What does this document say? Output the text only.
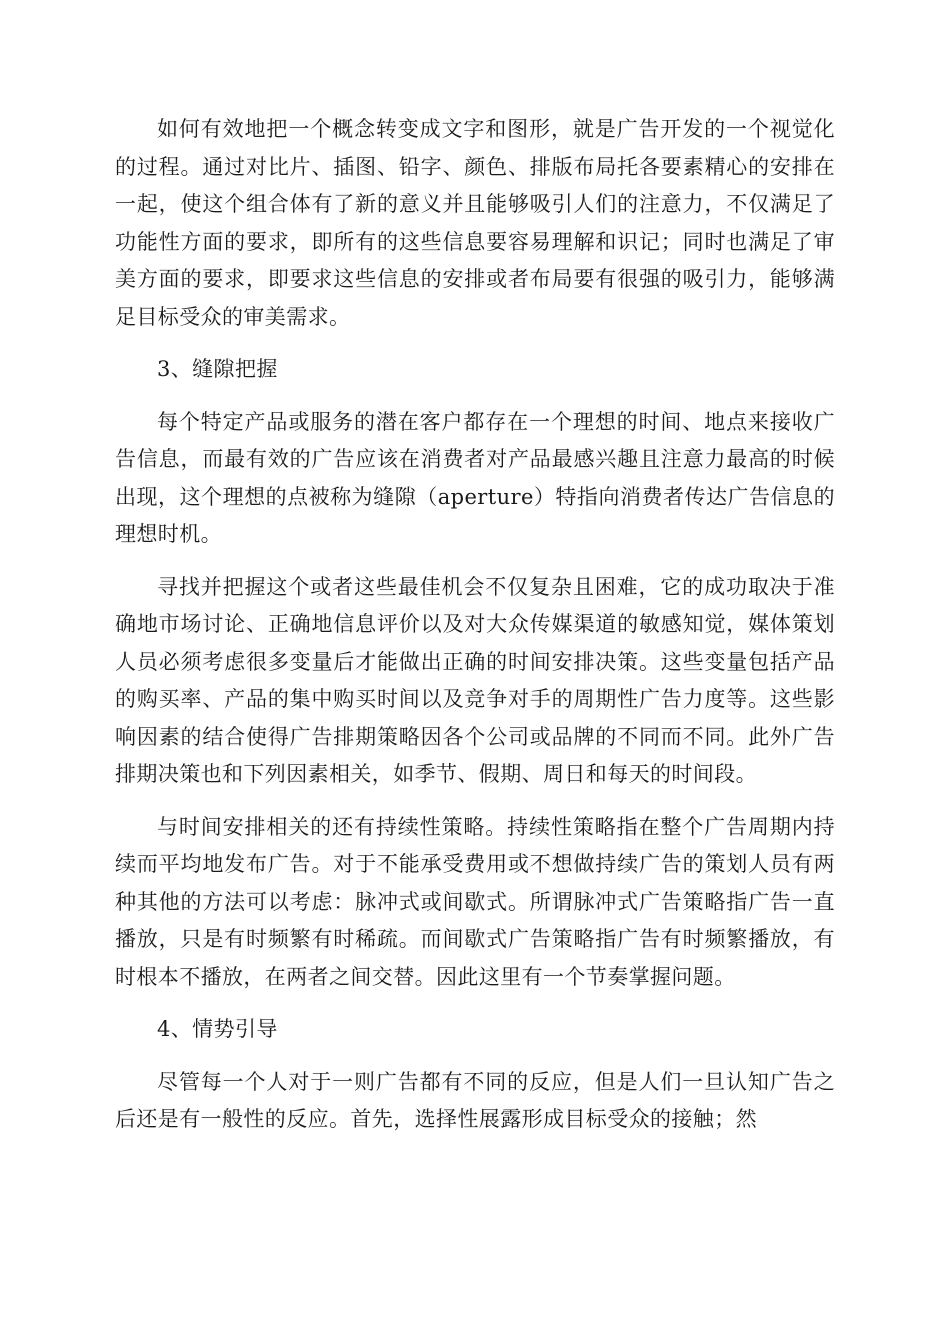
如何有效地把一个概念转变成文字和图形，就是广告开发的一个视觉化的过程。通过对比片、插图、铅字、颜色、排版布局托各要素精心的安排在一起，使这个组合体有了新的意义并且能够吸引人们的注意力，不仅满足了功能性方面的要求，即所有的这些信息要容易理解和识记；同时也满足了审美方面的要求，即要求这些信息的安排或者布局要有很强的吸引力，能够满足目标受众的审美需求。

3、缝隙把握

每个特定产品或服务的潜在客户都存在一个理想的时间、地点来接收广告信息，而最有效的广告应该在消费者对产品最感兴趣且注意力最高的时候出现，这个理想的点被称为缝隙（aperture）特指向消费者传达广告信息的理想时机。

寻找并把握这个或者这些最佳机会不仅复杂且困难，它的成功取决于准确地市场讨论、正确地信息评价以及对大众传媒渠道的敏感知觉，媒体策划人员必须考虑很多变量后才能做出正确的时间安排决策。这些变量包括产品的购买率、产品的集中购买时间以及竞争对手的周期性广告力度等。这些影响因素的结合使得广告排期策略因各个公司或品牌的不同而不同。此外广告排期决策也和下列因素相关，如季节、假期、周日和每天的时间段。

与时间安排相关的还有持续性策略。持续性策略指在整个广告周期内持续而平均地发布广告。对于不能承受费用或不想做持续广告的策划人员有两种其他的方法可以考虑：脉冲式或间歇式。所谓脉冲式广告策略指广告一直播放，只是有时频繁有时稀疏。而间歇式广告策略指广告有时频繁播放，有时根本不播放，在两者之间交替。因此这里有一个节奏掌握问题。

4、情势引导

尽管每一个人对于一则广告都有不同的反应，但是人们一旦认知广告之后还是有一般性的反应。首先，选择性展露形成目标受众的接触；然
